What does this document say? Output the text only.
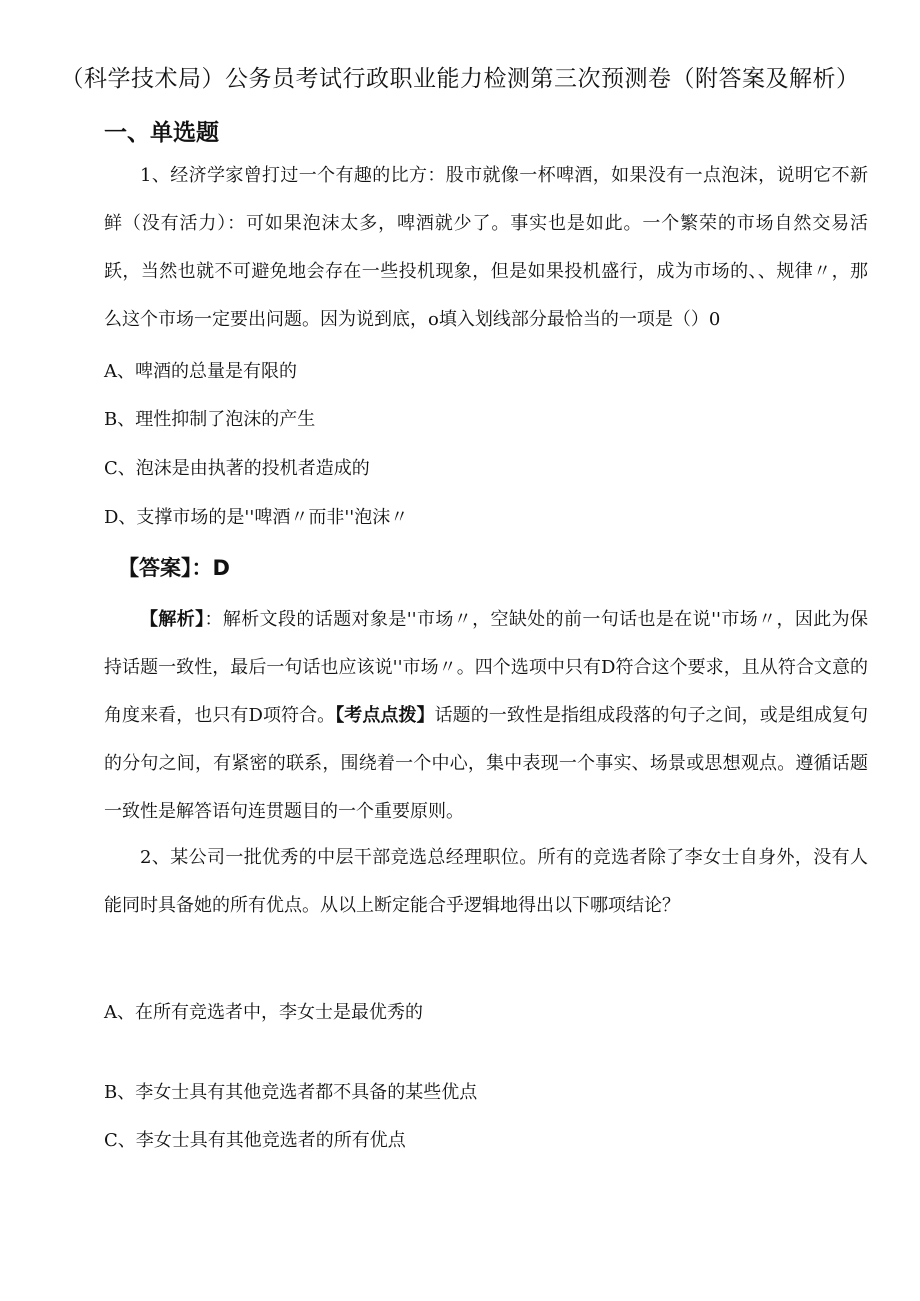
（科学技术局）公务员考试行政职业能力检测第三次预测卷（附答案及解析）
一、单选题
1、经济学家曾打过一个有趣的比方：股市就像一杯啤酒，如果没有一点泡沫，说明它不新鲜（没有活力）：可如果泡沫太多，啤酒就少了。事实也是如此。一个繁荣的市场自然交易活跃，当然也就不可避免地会存在一些投机现象，但是如果投机盛行，成为市场的、、规律〃，那么这个市场一定要出问题。因为说到底，o填入划线部分最恰当的一项是（）0
A、啤酒的总量是有限的
B、理性抑制了泡沫的产生
C、泡沫是由执著的投机者造成的
D、支撑市场的是''啤酒〃而非''泡沫〃
【答案】：D
【解析】：解析文段的话题对象是''市场〃，空缺处的前一句话也是在说''市场〃，因此为保持话题一致性，最后一句话也应该说''市场〃。四个选项中只有D符合这个要求，且从符合文意的角度来看，也只有D项符合。【考点点拨】话题的一致性是指组成段落的句子之间，或是组成复句的分句之间，有紧密的联系，围绕着一个中心，集中表现一个事实、场景或思想观点。遵循话题一致性是解答语句连贯题目的一个重要原则。
2、某公司一批优秀的中层干部竞选总经理职位。所有的竞选者除了李女士自身外，没有人能同时具备她的所有优点。从以上断定能合乎逻辑地得出以下哪项结论？
A、在所有竞选者中，李女士是最优秀的
B、李女士具有其他竞选者都不具备的某些优点
C、李女士具有其他竞选者的所有优点
